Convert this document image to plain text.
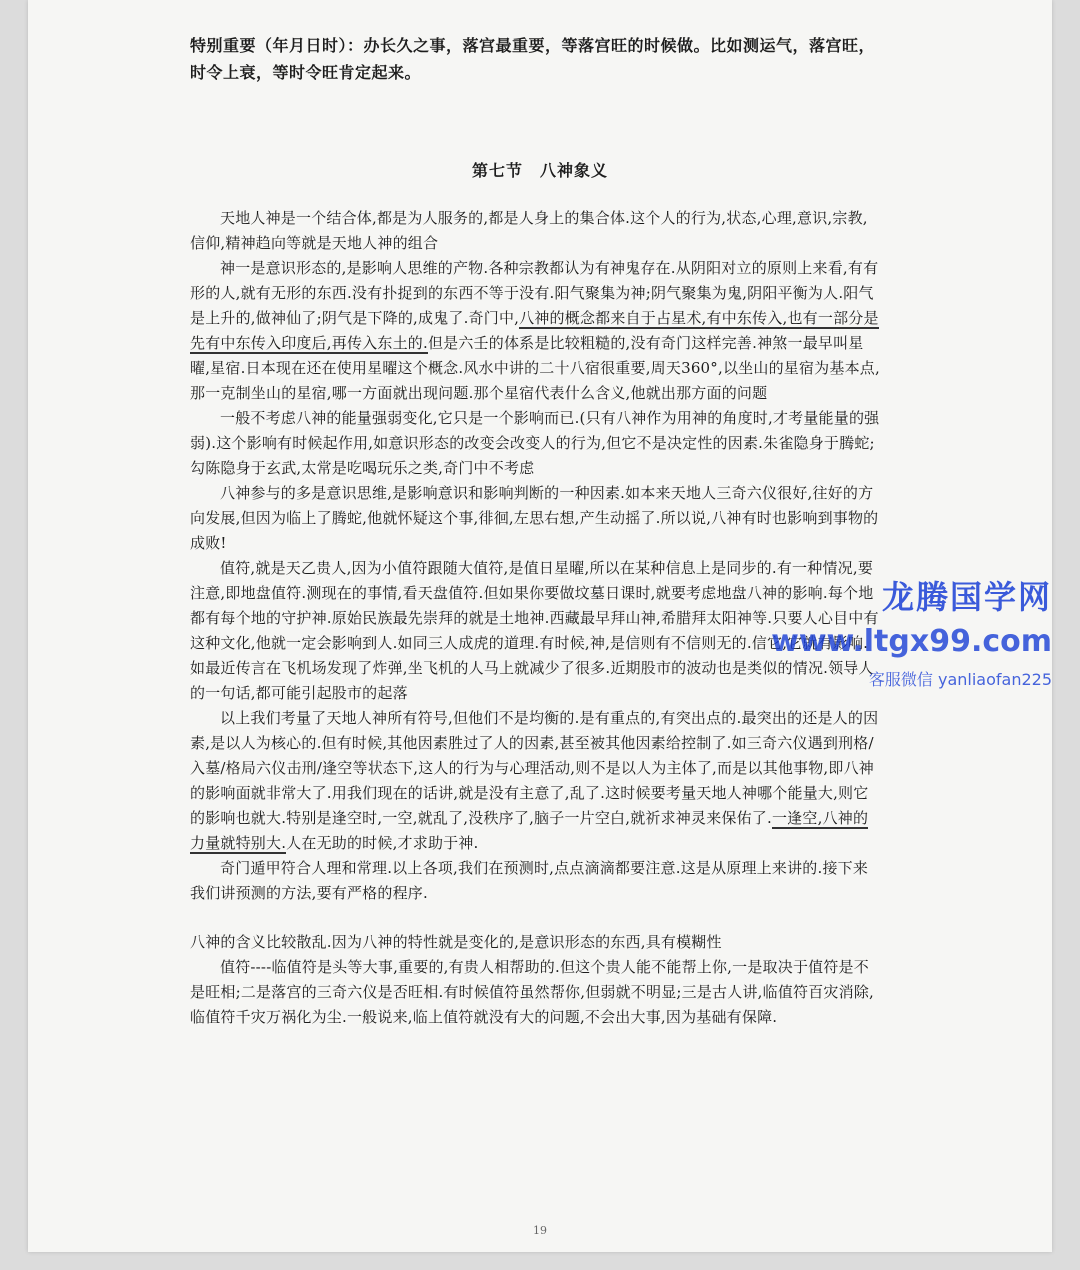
特别重要（年月日时）：办长久之事，落宫最重要，等落宫旺的时候做。比如测运气，落宫旺，时令上衰，等时令旺肯定起来。
第七节　八神象义

天地人神是一个结合体,都是为人服务的,都是人身上的集合体.这个人的行为,状态,心理,意识,宗教,信仰,精神趋向等就是天地人神的组合

神一是意识形态的,是影响人思维的产物.各种宗教都认为有神鬼存在.从阴阳对立的原则上来看,有有形的人,就有无形的东西.没有扑捉到的东西不等于没有.阳气聚集为神;阴气聚集为鬼,阴阳平衡为人.阳气是上升的,做神仙了;阴气是下降的,成鬼了.奇门中,八神的概念都来自于占星术,有中东传入,也有一部分是先有中东传入印度后,再传入东土的.但是六壬的体系是比较粗糙的,没有奇门这样完善.神煞一最早叫星曜,星宿.日本现在还在使用星曜这个概念.风水中讲的二十八宿很重要,周天360°,以坐山的星宿为基本点,那一克制坐山的星宿,哪一方面就出现问题.那个星宿代表什么含义,他就出那方面的问题

一般不考虑八神的能量强弱变化,它只是一个影响而已.(只有八神作为用神的角度时,才考量能量的强弱).这个影响有时候起作用,如意识形态的改变会改变人的行为,但它不是决定性的因素.朱雀隐身于腾蛇;勾陈隐身于玄武,太常是吃喝玩乐之类,奇门中不考虑

八神参与的多是意识思维,是影响意识和影响判断的一种因素.如本来天地人三奇六仪很好,往好的方向发展,但因为临上了腾蛇,他就怀疑这个事,徘徊,左思右想,产生动摇了.所以说,八神有时也影响到事物的成败!

值符,就是天乙贵人,因为小值符跟随大值符,是值日星曜,所以在某种信息上是同步的.有一种情况,要注意,即地盘值符.测现在的事情,看天盘值符.但如果你要做坟墓日课时,就要考虑地盘八神的影响.每个地都有每个地的守护神.原始民族最先崇拜的就是土地神.西藏最早拜山神,希腊拜太阳神等.只要人心目中有这种文化,他就一定会影响到人.如同三人成虎的道理.有时候,神,是信则有不信则无的.信它,它就有影响.如最近传言在飞机场发现了炸弹,坐飞机的人马上就减少了很多.近期股市的波动也是类似的情况.领导人的一句话,都可能引起股市的起落

以上我们考量了天地人神所有符号,但他们不是均衡的.是有重点的,有突出点的.最突出的还是人的因素,是以人为核心的.但有时候,其他因素胜过了人的因素,甚至被其他因素给控制了.如三奇六仪遇到刑格/入墓/格局六仪击刑/逢空等状态下,这人的行为与心理活动,则不是以人为主体了,而是以其他事物,即八神的影响面就非常大了.用我们现在的话讲,就是没有主意了,乱了.这时候要考量天地人神哪个能量大,则它的影响也就大.特别是逢空时,一空,就乱了,没秩序了,脑子一片空白,就祈求神灵来保佑了.一逢空,八神的力量就特别大.人在无助的时候,才求助于神.

奇门遁甲符合人理和常理.以上各项,我们在预测时,点点滴滴都要注意.这是从原理上来讲的.接下来我们讲预测的方法,要有严格的程序.

八神的含义比较散乱.因为八神的特性就是变化的,是意识形态的东西,具有模糊性

值符----临值符是头等大事,重要的,有贵人相帮助的.但这个贵人能不能帮上你,一是取决于值符是不是旺相;二是落宫的三奇六仪是否旺相.有时候值符虽然帮你,但弱就不明显;三是古人讲,临值符百灾消除,临值符千灾万祸化为尘.一般说来,临上值符就没有大的问题,不会出大事,因为基础有保障.

龙腾国学网
www.ltgx99.com
客服微信 yanliaofan225
19
